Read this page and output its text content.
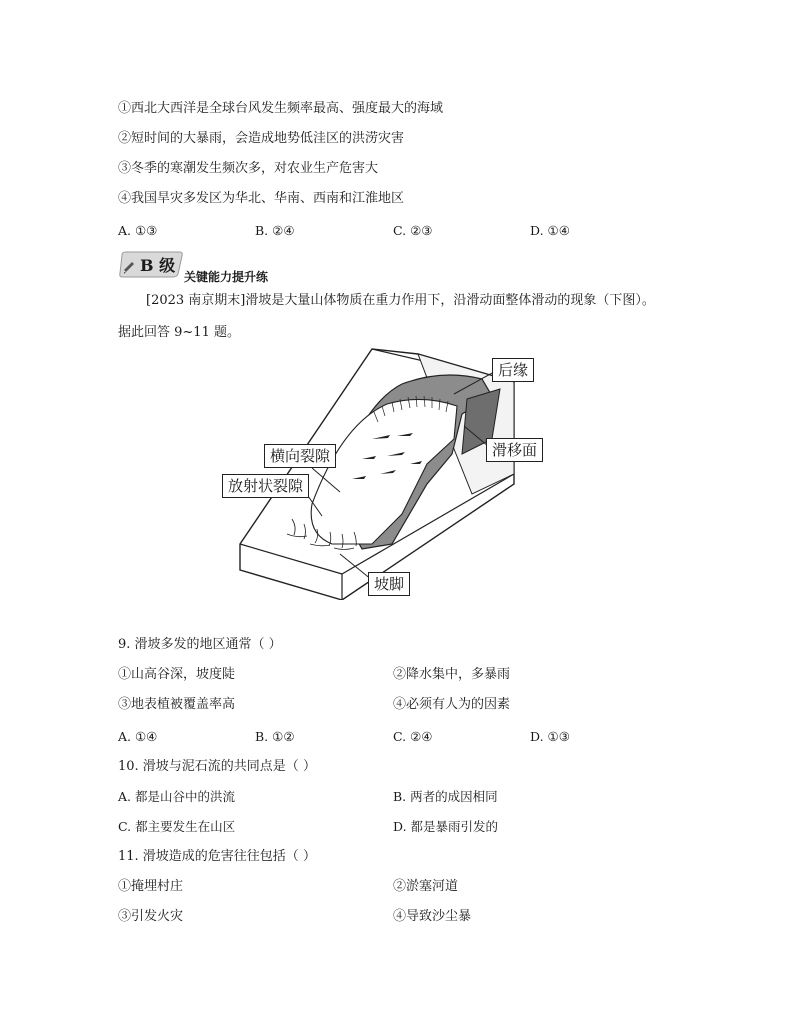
①西北大西洋是全球台风发生频率最高、强度最大的海域
②短时间的大暴雨，会造成地势低洼区的洪涝灾害
③冬季的寒潮发生频次多，对农业生产危害大
④我国旱灾多发区为华北、华南、西南和江淮地区
A. ①③	B. ②④	C. ②③	D. ①④
B 级
关键能力提升练
[2023 南京期末]滑坡是大量山体物质在重力作用下，沿滑动面整体滑动的现象（下图）。
据此回答 9~11 题。
后缘
滑移面
横向裂隙
放射状裂隙
坡脚
9. 滑坡多发的地区通常（ ）
①山高谷深，坡度陡	②降水集中，多暴雨
③地表植被覆盖率高	④必须有人为的因素
A. ①④	B. ①②	C. ②④	D. ①③
10. 滑坡与泥石流的共同点是（ ）
A. 都是山谷中的洪流	B. 两者的成因相同
C. 都主要发生在山区	D. 都是暴雨引发的
11. 滑坡造成的危害往往包括（ ）
①掩埋村庄	②淤塞河道
③引发火灾	④导致沙尘暴
